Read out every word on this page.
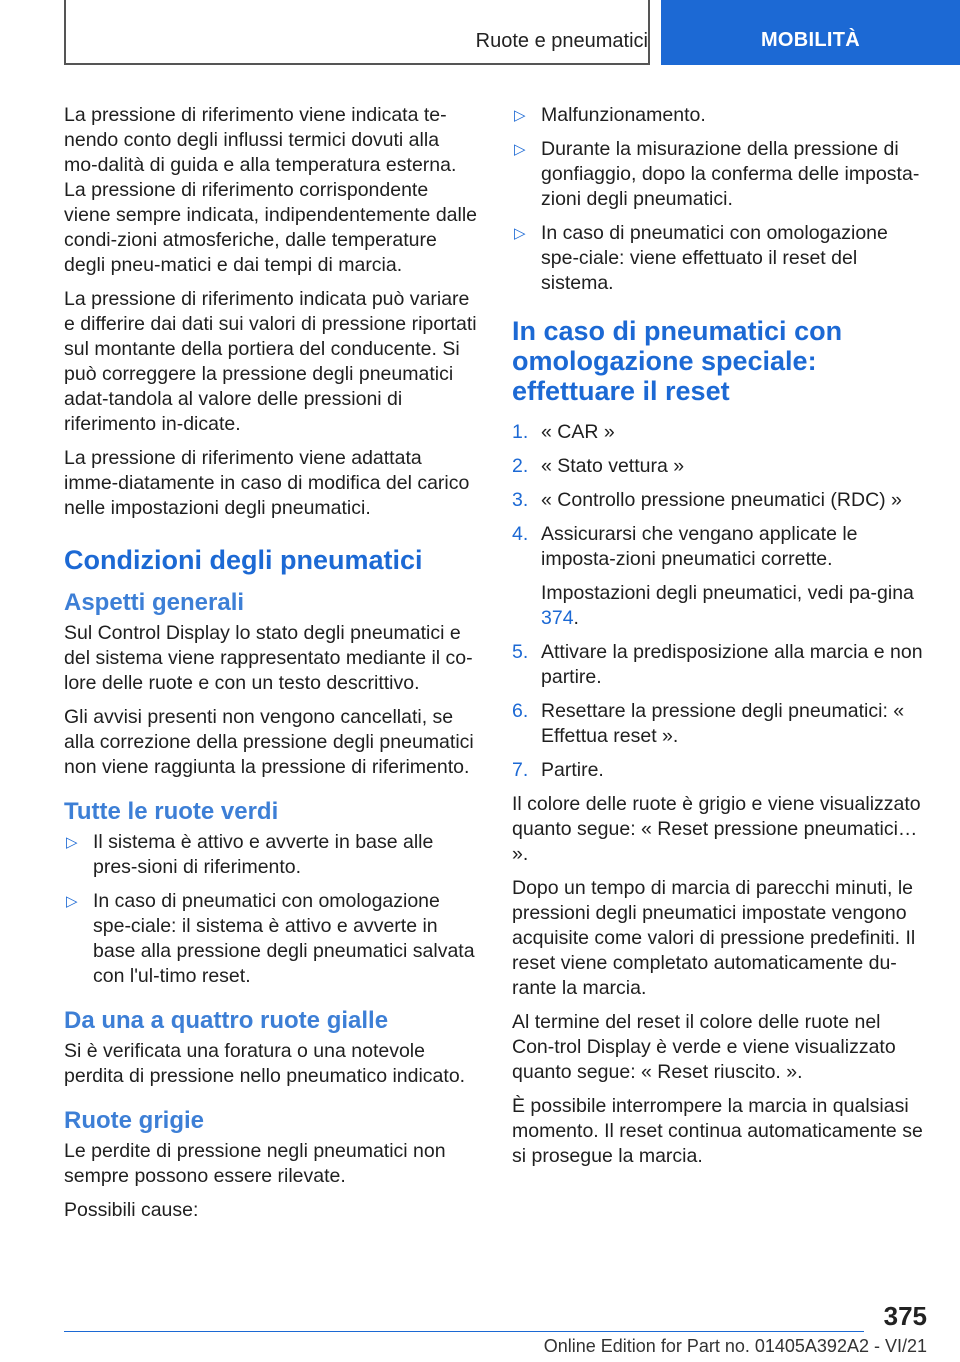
Ruote e pneumatici	MOBILITÀ

La pressione di riferimento viene indicata te-nendo conto degli influssi termici dovuti alla mo-dalità di guida e alla temperatura esterna. La pressione di riferimento corrispondente viene sempre indicata, indipendentemente dalle condi-zioni atmosferiche, dalle temperature degli pneu-matici e dai tempi di marcia.

La pressione di riferimento indicata può variare e differire dai dati sui valori di pressione riportati sul montante della portiera del conducente. Si può correggere la pressione degli pneumatici adat-tandola al valore delle pressioni di riferimento in-dicate.

La pressione di riferimento viene adattata imme-diatamente in caso di modifica del carico nelle impostazioni degli pneumatici.

Condizioni degli pneumatici
Aspetti generali

Sul Control Display lo stato degli pneumatici e del sistema viene rappresentato mediante il co-lore delle ruote e con un testo descrittivo.

Gli avvisi presenti non vengono cancellati, se alla correzione della pressione degli pneumatici non viene raggiunta la pressione di riferimento.

Tutte le ruote verdi
▷ Il sistema è attivo e avverte in base alle pres-sioni di riferimento.
▷ In caso di pneumatici con omologazione spe-ciale: il sistema è attivo e avverte in base alla pressione degli pneumatici salvata con l'ul-timo reset.
Da una a quattro ruote gialle

Si è verificata una foratura o una notevole perdita di pressione nello pneumatico indicato.

Ruote grigie

Le perdite di pressione negli pneumatici non sempre possono essere rilevate.

Possibili cause:

▷ Malfunzionamento.
▷ Durante la misurazione della pressione di gonfiaggio, dopo la conferma delle imposta-zioni degli pneumatici.
▷ In caso di pneumatici con omologazione spe-ciale: viene effettuato il reset del sistema.
In caso di pneumatici con omologazione speciale: effettuare il reset
1. « CAR »
2. « Stato vettura »
3. « Controllo pressione pneumatici (RDC) »
4. Assicurarsi che vengano applicate le imposta-zioni pneumatici corrette.
Impostazioni degli pneumatici, vedi pa-gina 374.
5. Attivare la predisposizione alla marcia e non partire.
6. Resettare la pressione degli pneumatici: « Effettua reset ».
7. Partire.

Il colore delle ruote è grigio e viene visualizzato quanto segue: « Reset pressione pneumatici… ».

Dopo un tempo di marcia di parecchi minuti, le pressioni degli pneumatici impostate vengono acquisite come valori di pressione predefiniti. Il reset viene completato automaticamente du-rante la marcia.

Al termine del reset il colore delle ruote nel Con-trol Display è verde e viene visualizzato quanto segue: « Reset riuscito. ».

È possibile interrompere la marcia in qualsiasi momento. Il reset continua automaticamente se si prosegue la marcia.

375
Online Edition for Part no. 01405A392A2 - VI/21
